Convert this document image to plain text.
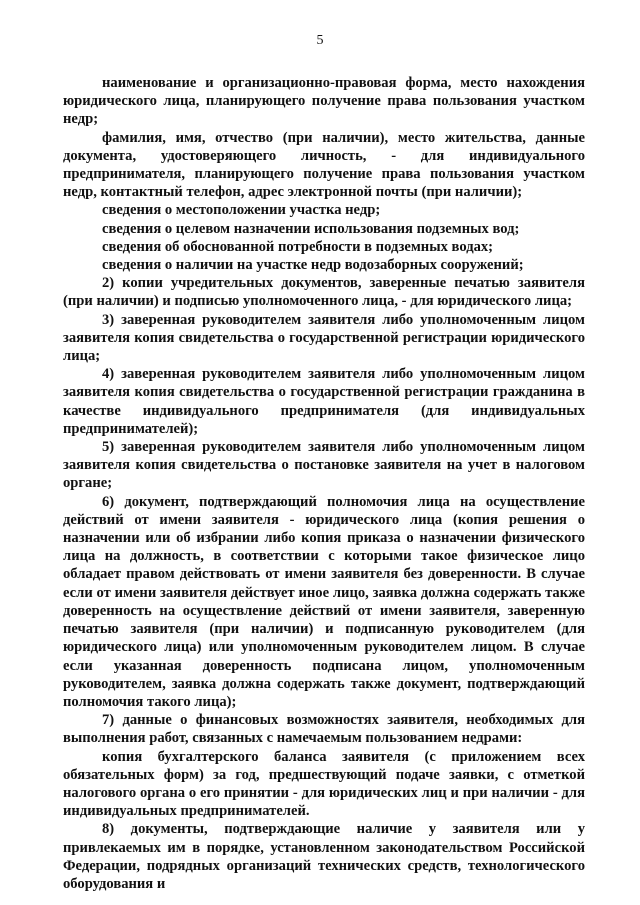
5

наименование и организационно-правовая форма, место нахождения юридического лица, планирующего получение права пользования участком недр;

фамилия, имя, отчество (при наличии), место жительства, данные документа, удостоверяющего личность, - для индивидуального предпринимателя, планирующего получение права пользования участком недр, контактный телефон, адрес электронной почты (при наличии);

сведения о местоположении участка недр;

сведения о целевом назначении использования подземных вод;

сведения об обоснованной потребности в подземных водах;

сведения о наличии на участке недр водозаборных сооружений;

2) копии учредительных документов, заверенные печатью заявителя (при наличии) и подписью уполномоченного лица, - для юридического лица;

3) заверенная руководителем заявителя либо уполномоченным лицом заявителя копия свидетельства о государственной регистрации юридического лица;

4) заверенная руководителем заявителя либо уполномоченным лицом заявителя копия свидетельства о государственной регистрации гражданина в качестве индивидуального предпринимателя (для индивидуальных предпринимателей);

5) заверенная руководителем заявителя либо уполномоченным лицом заявителя копия свидетельства о постановке заявителя на учет в налоговом органе;

6) документ, подтверждающий полномочия лица на осуществление действий от имени заявителя - юридического лица (копия решения о назначении или об избрании либо копия приказа о назначении физического лица на должность, в соответствии с которыми такое физическое лицо обладает правом действовать от имени заявителя без доверенности. В случае если от имени заявителя действует иное лицо, заявка должна содержать также доверенность на осуществление действий от имени заявителя, заверенную печатью заявителя (при наличии) и подписанную руководителем (для юридического лица) или уполномоченным руководителем лицом. В случае если указанная доверенность подписана лицом, уполномоченным руководителем, заявка должна содержать также документ, подтверждающий полномочия такого лица);

7) данные о финансовых возможностях заявителя, необходимых для выполнения работ, связанных с намечаемым пользованием недрами:

копия бухгалтерского баланса заявителя (с приложением всех обязательных форм) за год, предшествующий подаче заявки, с отметкой налогового органа о его принятии - для юридических лиц и при наличии - для индивидуальных предпринимателей.

8) документы, подтверждающие наличие у заявителя или у привлекаемых им в порядке, установленном законодательством Российской Федерации, подрядных организаций технических средств, технологического оборудования и
